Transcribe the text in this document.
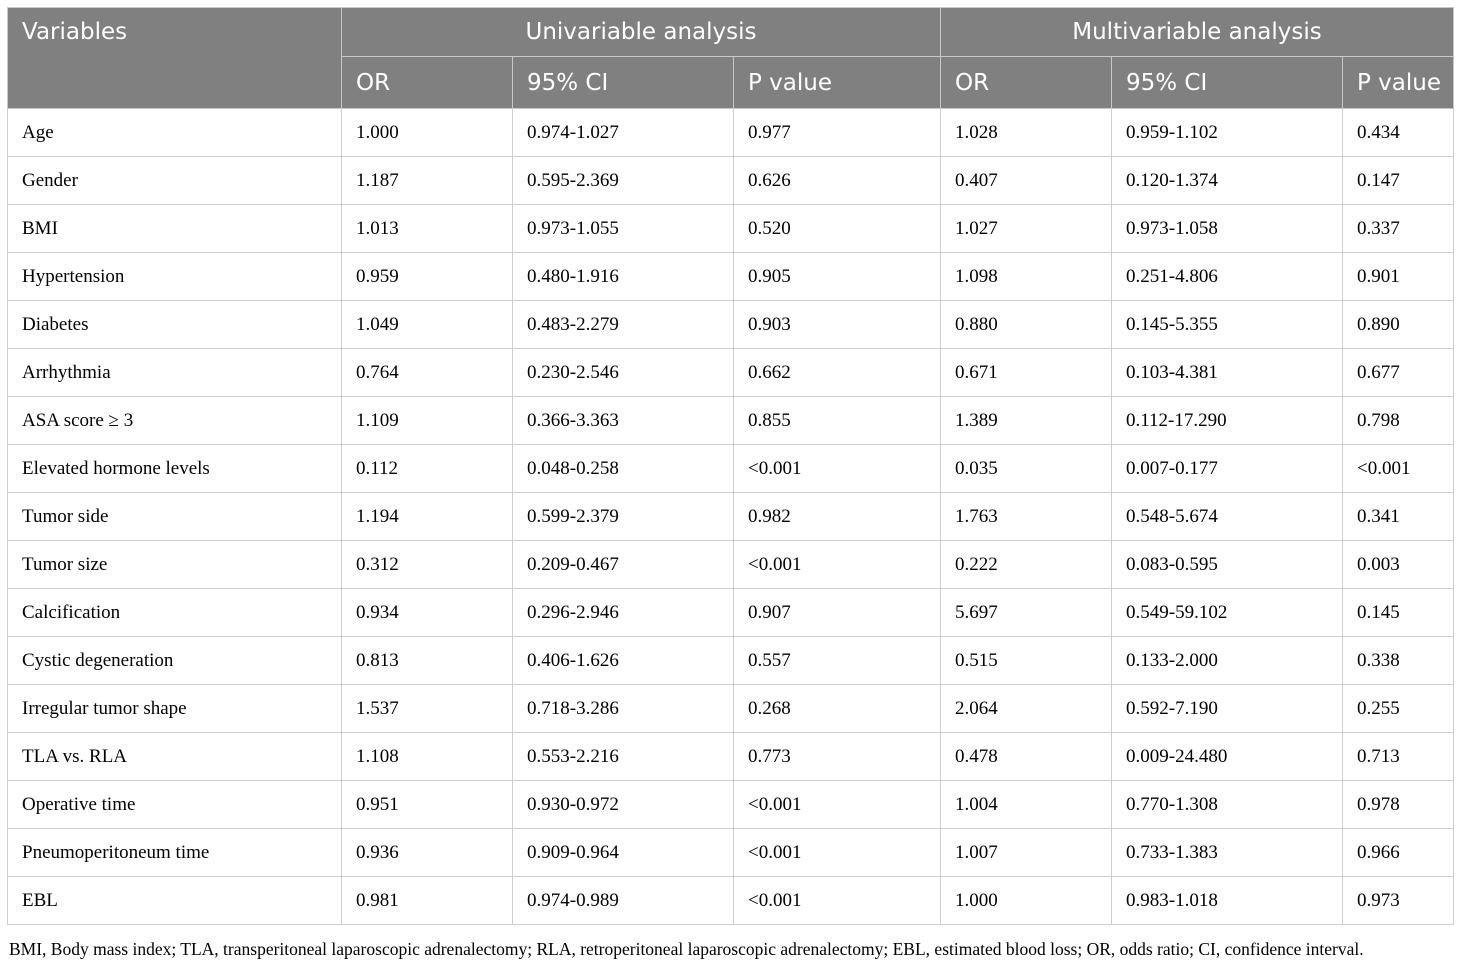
Variables	Univariable analysis			Multivariable analysis		
	OR	95% CI	P value	OR	95% CI	P value
Age	1.000	0.974-1.027	0.977	1.028	0.959-1.102	0.434
Gender	1.187	0.595-2.369	0.626	0.407	0.120-1.374	0.147
BMI	1.013	0.973-1.055	0.520	1.027	0.973-1.058	0.337
Hypertension	0.959	0.480-1.916	0.905	1.098	0.251-4.806	0.901
Diabetes	1.049	0.483-2.279	0.903	0.880	0.145-5.355	0.890
Arrhythmia	0.764	0.230-2.546	0.662	0.671	0.103-4.381	0.677
ASA score ≥ 3	1.109	0.366-3.363	0.855	1.389	0.112-17.290	0.798
Elevated hormone levels	0.112	0.048-0.258	<0.001	0.035	0.007-0.177	<0.001
Tumor side	1.194	0.599-2.379	0.982	1.763	0.548-5.674	0.341
Tumor size	0.312	0.209-0.467	<0.001	0.222	0.083-0.595	0.003
Calcification	0.934	0.296-2.946	0.907	5.697	0.549-59.102	0.145
Cystic degeneration	0.813	0.406-1.626	0.557	0.515	0.133-2.000	0.338
Irregular tumor shape	1.537	0.718-3.286	0.268	2.064	0.592-7.190	0.255
TLA vs. RLA	1.108	0.553-2.216	0.773	0.478	0.009-24.480	0.713
Operative time	0.951	0.930-0.972	<0.001	1.004	0.770-1.308	0.978
Pneumoperitoneum time	0.936	0.909-0.964	<0.001	1.007	0.733-1.383	0.966
EBL	0.981	0.974-0.989	<0.001	1.000	0.983-1.018	0.973
BMI, Body mass index; TLA, transperitoneal laparoscopic adrenalectomy; RLA, retroperitoneal laparoscopic adrenalectomy; EBL, estimated blood loss; OR, odds ratio; CI, confidence interval.
